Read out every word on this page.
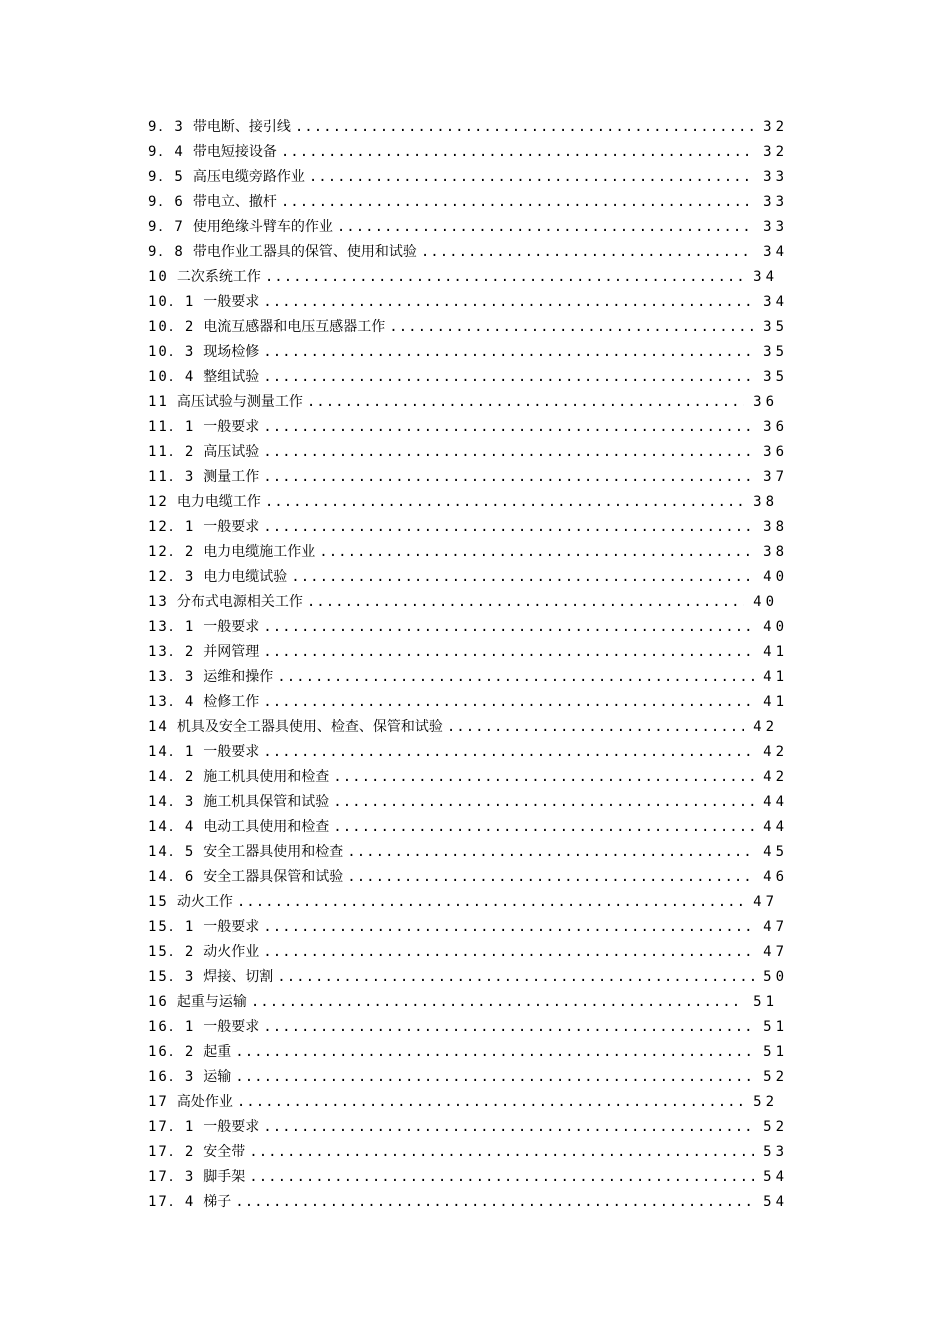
9．3 带电断、接引线 .....	32
9．4 带电短接设备 .....	32
9．5 高压电缆旁路作业 .....	33
9．6 带电立、撤杆 .....	33
9．7 使用绝缘斗臂车的作业 .....	33
9．8 带电作业工器具的保管、使用和试验 .....	34
10 二次系统工作 .....	34
10．1 一般要求 .....	34
10．2 电流互感器和电压互感器工作 .....	35
10．3 现场检修 .....	35
10．4 整组试验 .....	35
11 高压试验与测量工作 .....	36
11．1 一般要求 .....	36
11．2 高压试验 .....	36
11．3 测量工作 .....	37
12 电力电缆工作 .....	38
12．1 一般要求 .....	38
12．2 电力电缆施工作业 .....	38
12．3 电力电缆试验 .....	40
13 分布式电源相关工作 .....	40
13．1 一般要求 .....	40
13．2 并网管理 .....	41
13．3 运维和操作 .....	41
13．4 检修工作 .....	41
14 机具及安全工器具使用、检查、保管和试验 .....	42
14．1 一般要求 .....	42
14．2 施工机具使用和检查 .....	42
14．3 施工机具保管和试验 .....	44
14．4 电动工具使用和检查 .....	44
14．5 安全工器具使用和检查 .....	45
14．6 安全工器具保管和试验 .....	46
15 动火工作 .....	47
15．1 一般要求 .....	47
15．2 动火作业 .....	47
15．3 焊接、切割 .....	50
16 起重与运输 .....	51
16．1 一般要求 .....	51
16．2 起重 .....	51
16．3 运输 .....	52
17 高处作业 .....	52
17．1 一般要求 .....	52
17．2 安全带 .....	53
17．3 脚手架 .....	54
17．4 梯子 .....	54
